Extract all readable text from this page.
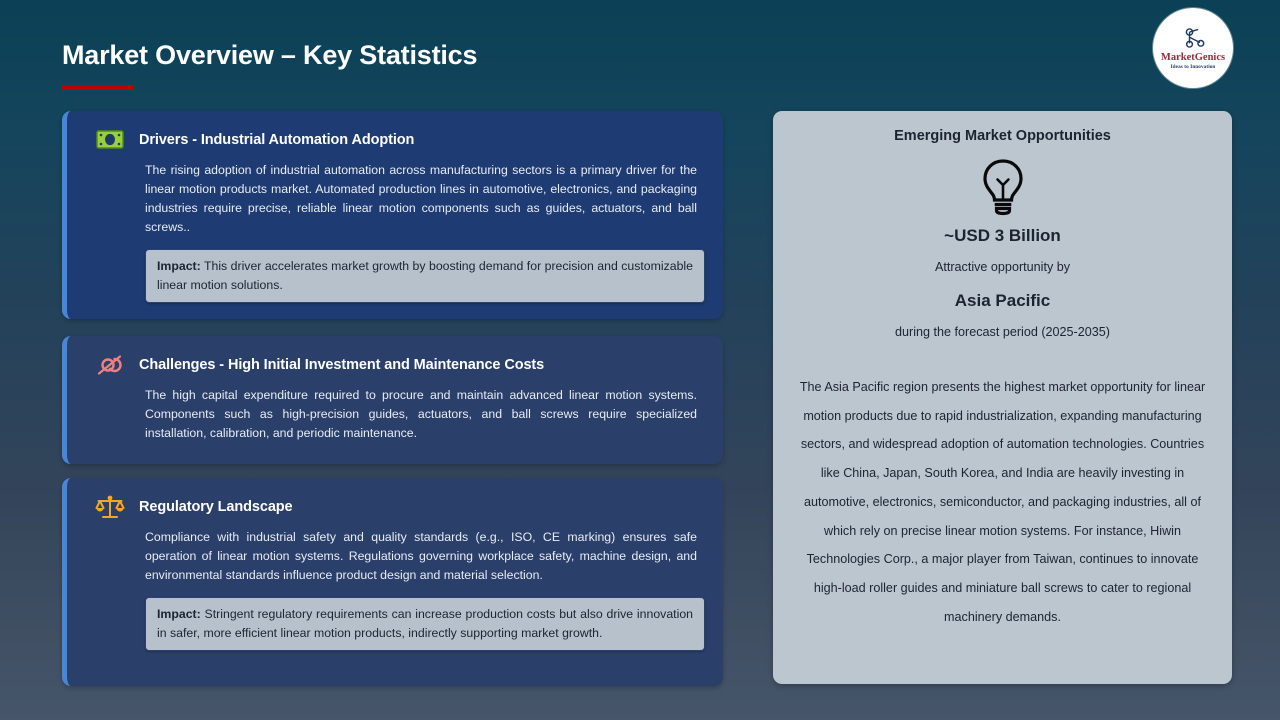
Market Overview – Key Statistics	MarketGenics
Ideas to Innovation
Drivers - Industrial Automation Adoption
The rising adoption of industrial automation across manufacturing sectors is a primary driver for the linear motion products market. Automated production lines in automotive, electronics, and packaging industries require precise, reliable linear motion components such as guides, actuators, and ball screws..
Impact: This driver accelerates market growth by boosting demand for precision and customizable linear motion solutions.
Challenges - High Initial Investment and Maintenance Costs
The high capital expenditure required to procure and maintain advanced linear motion systems. Components such as high-precision guides, actuators, and ball screws require specialized installation, calibration, and periodic maintenance.
Regulatory Landscape
Compliance with industrial safety and quality standards (e.g., ISO, CE marking) ensures safe operation of linear motion systems. Regulations governing workplace safety, machine design, and environmental standards influence product design and material selection.
Impact: Stringent regulatory requirements can increase production costs but also drive innovation in safer, more efficient linear motion products, indirectly supporting market growth.
Emerging Market Opportunities
~USD 3 Billion
Attractive opportunity by
Asia Pacific
during the forecast period (2025-2035)
The Asia Pacific region presents the highest market opportunity for linear motion products due to rapid industrialization, expanding manufacturing sectors, and widespread adoption of automation technologies. Countries like China, Japan, South Korea, and India are heavily investing in automotive, electronics, semiconductor, and packaging industries, all of which rely on precise linear motion systems. For instance, Hiwin Technologies Corp., a major player from Taiwan, continues to innovate high-load roller guides and miniature ball screws to cater to regional machinery demands.
